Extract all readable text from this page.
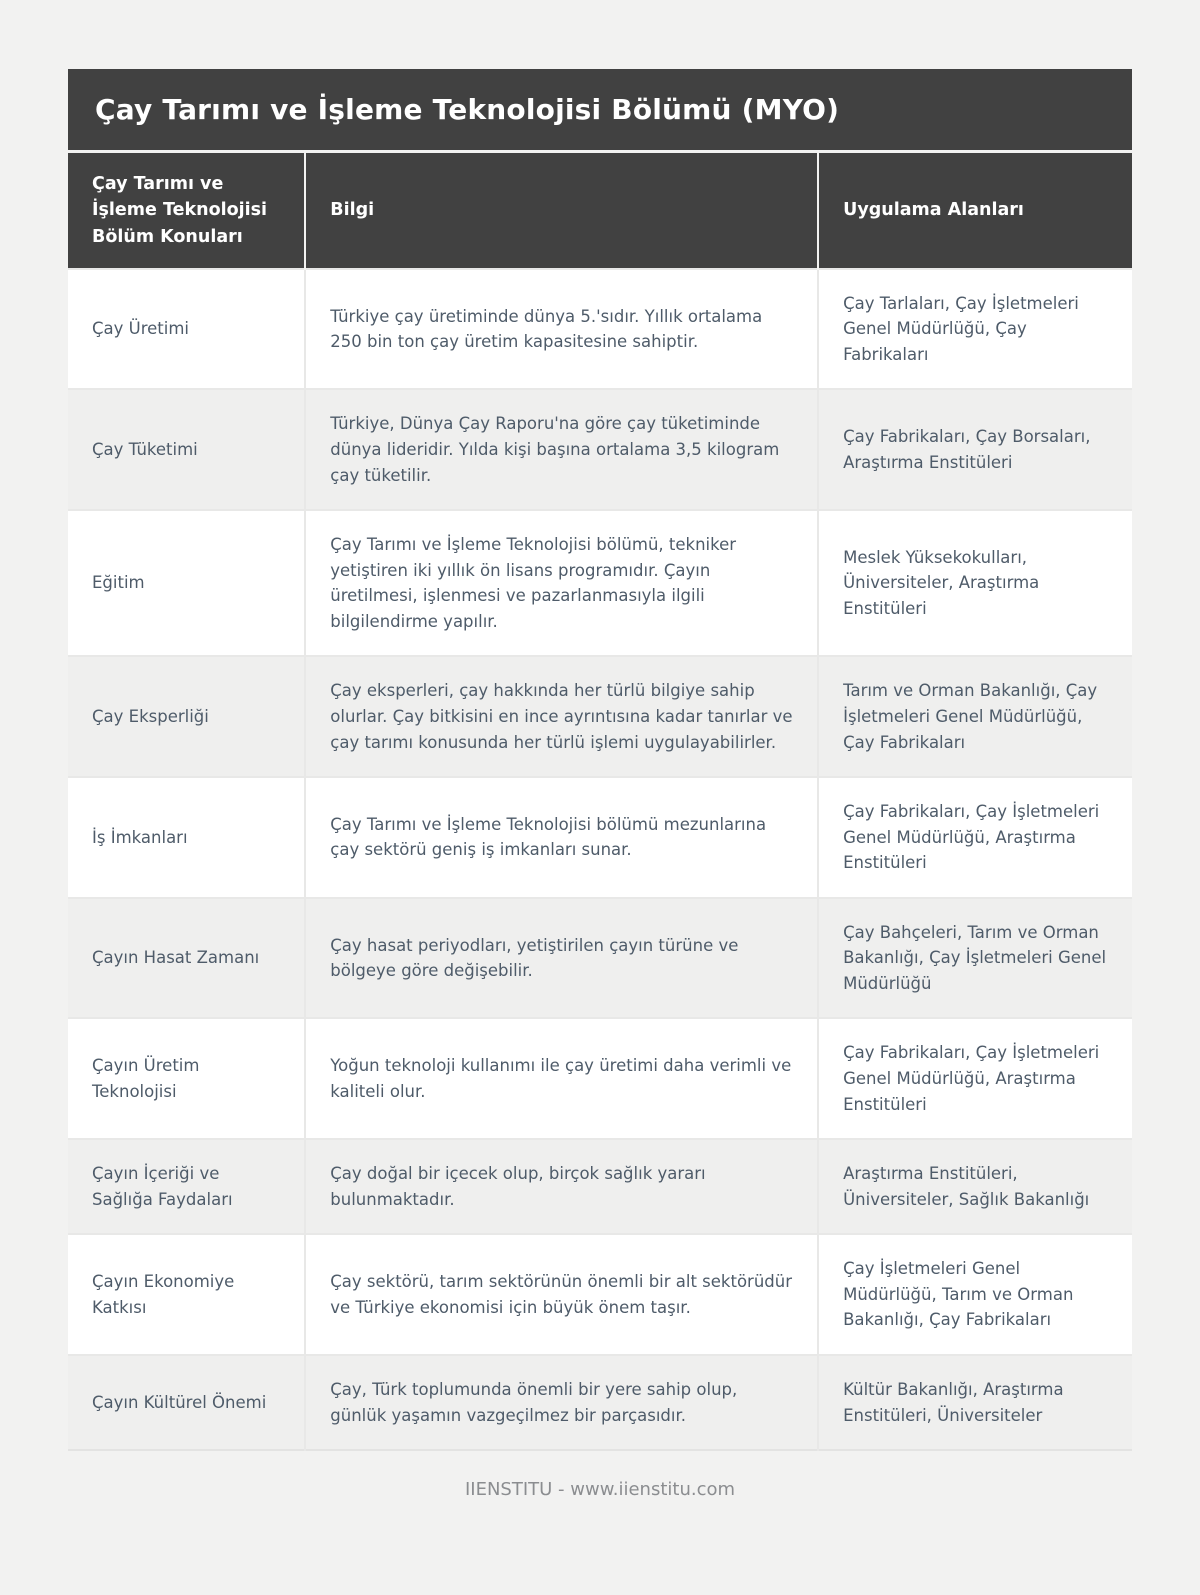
Çay Tarımı ve İşleme Teknolojisi Bölümü (MYO)
Çay Tarımı ve İşleme Teknolojisi Bölüm Konuları	Bilgi	Uygulama Alanları
Çay Üretimi	Türkiye çay üretiminde dünya 5.'sıdır. Yıllık ortalama 250 bin ton çay üretim kapasitesine sahiptir.	Çay Tarlaları, Çay İşletmeleri Genel Müdürlüğü, Çay Fabrikaları
Çay Tüketimi	Türkiye, Dünya Çay Raporu'na göre çay tüketiminde dünya lideridir. Yılda kişi başına ortalama 3,5 kilogram çay tüketilir.	Çay Fabrikaları, Çay Borsaları, Araştırma Enstitüleri
Eğitim	Çay Tarımı ve İşleme Teknolojisi bölümü, tekniker yetiştiren iki yıllık ön lisans programıdır. Çayın üretilmesi, işlenmesi ve pazarlanmasıyla ilgili bilgilendirme yapılır.	Meslek Yüksekokulları, Üniversiteler, Araştırma Enstitüleri
Çay Eksperliği	Çay eksperleri, çay hakkında her türlü bilgiye sahip olurlar. Çay bitkisini en ince ayrıntısına kadar tanırlar ve çay tarımı konusunda her türlü işlemi uygulayabilirler.	Tarım ve Orman Bakanlığı, Çay İşletmeleri Genel Müdürlüğü, Çay Fabrikaları
İş İmkanları	Çay Tarımı ve İşleme Teknolojisi bölümü mezunlarına çay sektörü geniş iş imkanları sunar.	Çay Fabrikaları, Çay İşletmeleri Genel Müdürlüğü, Araştırma Enstitüleri
Çayın Hasat Zamanı	Çay hasat periyodları, yetiştirilen çayın türüne ve bölgeye göre değişebilir.	Çay Bahçeleri, Tarım ve Orman Bakanlığı, Çay İşletmeleri Genel Müdürlüğü
Çayın Üretim Teknolojisi	Yoğun teknoloji kullanımı ile çay üretimi daha verimli ve kaliteli olur.	Çay Fabrikaları, Çay İşletmeleri Genel Müdürlüğü, Araştırma Enstitüleri
Çayın İçeriği ve Sağlığa Faydaları	Çay doğal bir içecek olup, birçok sağlık yararı bulunmaktadır.	Araştırma Enstitüleri, Üniversiteler, Sağlık Bakanlığı
Çayın Ekonomiye Katkısı	Çay sektörü, tarım sektörünün önemli bir alt sektörüdür ve Türkiye ekonomisi için büyük önem taşır.	Çay İşletmeleri Genel Müdürlüğü, Tarım ve Orman Bakanlığı, Çay Fabrikaları
Çayın Kültürel Önemi	Çay, Türk toplumunda önemli bir yere sahip olup, günlük yaşamın vazgeçilmez bir parçasıdır.	Kültür Bakanlığı, Araştırma Enstitüleri, Üniversiteler
IIENSTITU - www.iienstitu.com
